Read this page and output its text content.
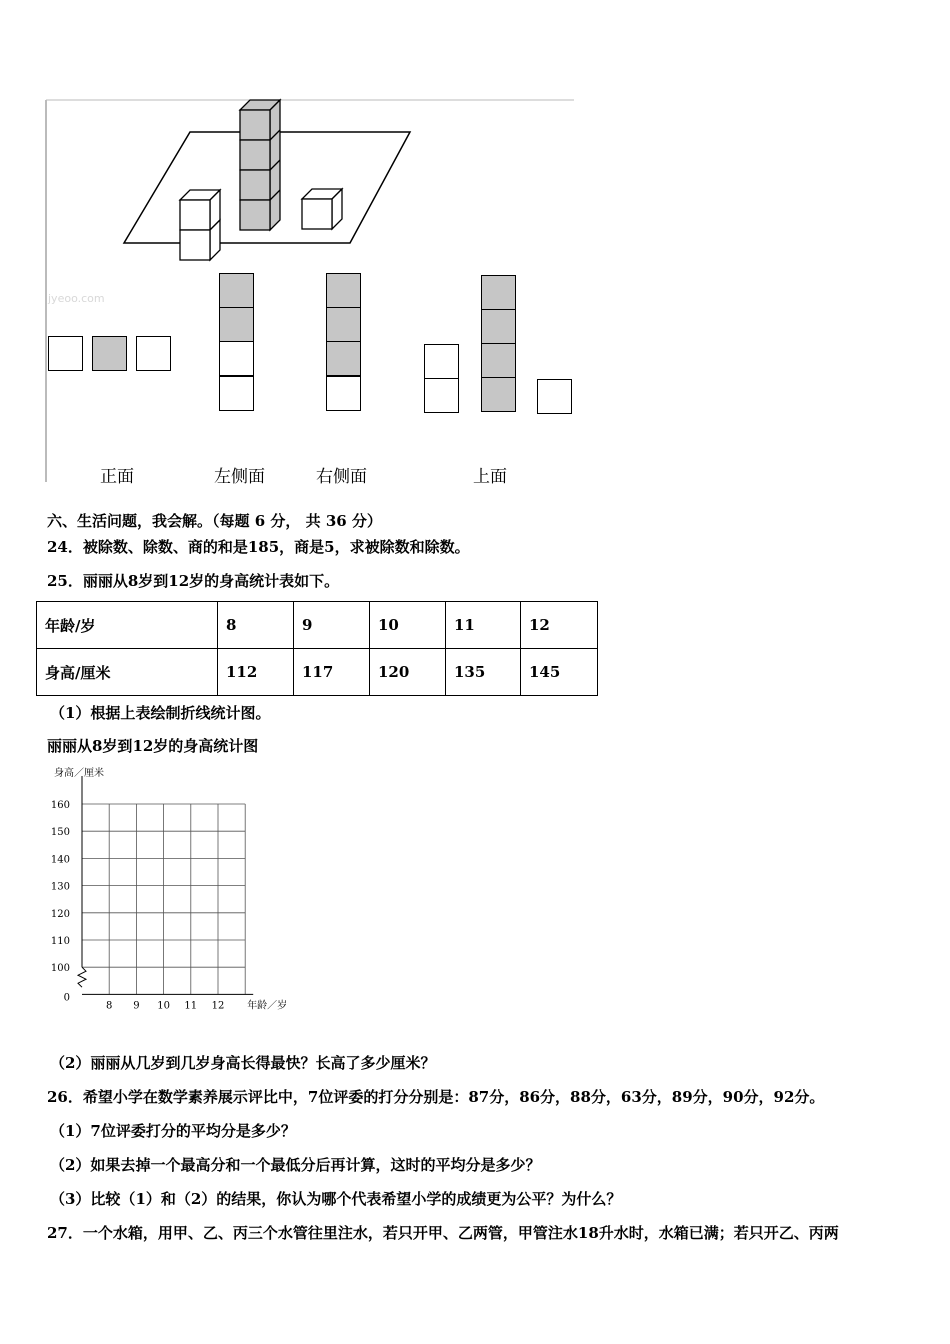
jyeoo.com
正面	左侧面	右侧面	上面
六、生活问题，我会解。（每题 6 分， 共 36 分）
24．被除数、除数、商的和是185，商是5，求被除数和除数。
25．丽丽从8岁到12岁的身高统计表如下。
年龄/岁	8	9	10	11	12
身高/厘米	112	117	120	135	145
（1）根据上表绘制折线统计图。
丽丽从8岁到12岁的身高统计图
160
150
140
130
120
110
100
0
8 9 10 11 12
身高／厘米
年龄／岁
（2）丽丽从几岁到几岁身高长得最快？长高了多少厘米？
26．希望小学在数学素养展示评比中，7位评委的打分分别是：87分，86分，88分，63分，89分，90分，92分。
（1）7位评委打分的平均分是多少？
（2）如果去掉一个最高分和一个最低分后再计算，这时的平均分是多少？
（3）比较（1）和（2）的结果，你认为哪个代表希望小学的成绩更为公平？为什么？
27．一个水箱，用甲、乙、丙三个水管往里注水，若只开甲、乙两管，甲管注水18升水时，水箱已满；若只开乙、丙两
